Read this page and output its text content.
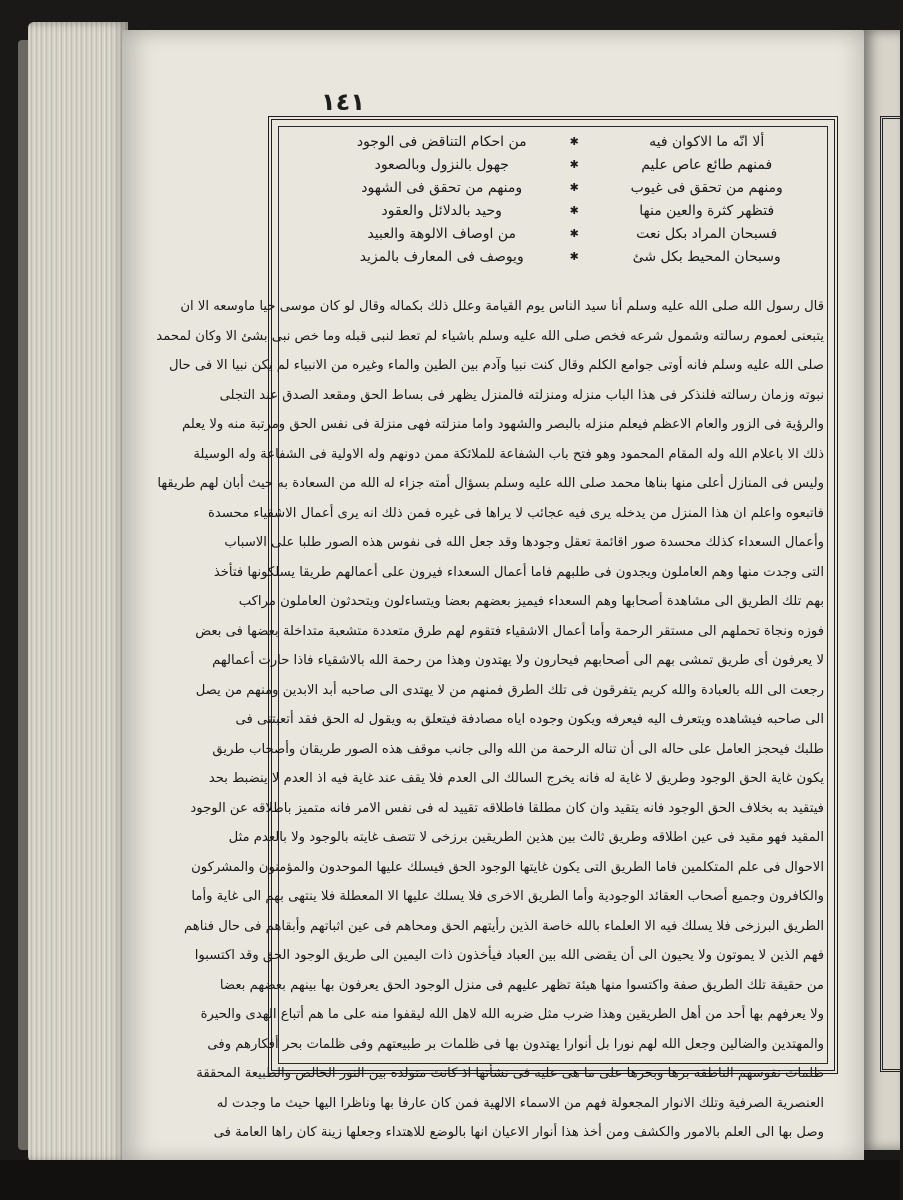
١٤١
ألا انّه ما الاكوان فيه
✱
من احكام التناقض فى الوجود
فمنهم طائع عاص عليم
✱
جهول بالنزول وبالصعود
ومنهم من تحقق فى غيوب
✱
ومنهم من تحقق فى الشهود
فتظهر كثرة والعين منها
✱
وحيد بالدلائل والعقود
فسبحان المراد بكل نعت
✱
من اوصاف الالوهة والعبيد
وسبحان المحيط بكل شئ
✱
ويوصف فى المعارف بالمزيد
قال رسول الله صلى الله عليه وسلم أنا سيد الناس يوم القيامة وعلل ذلك بكماله وقال لو كان موسى حيا ماوسعه الا ان
يتبعنى لعموم رسالته وشمول شرعه فخص صلى الله عليه وسلم باشياء لم تعط لنبى قبله وما خص نبى بشئ الا وكان لمحمد
صلى الله عليه وسلم فانه أوتى جوامع الكلم وقال كنت نبيا وآدم بين الطين والماء وغيره من الانبياء لم يكن نبيا الا فى حال
نبوته وزمان رسالته فلنذكر فى هذا الباب منزله ومنزلته فالمنزل يظهر فى بساط الحق ومقعد الصدق عند التجلى
والرؤية فى الزور والعام الاعظم فيعلم منزله بالبصر والشهود واما منزلته فهى منزلة فى نفس الحق ومرتبة منه ولا يعلم
ذلك الا باعلام الله وله المقام المحمود وهو فتح باب الشفاعة للملائكة ممن دونهم وله الاولية فى الشفاعة وله الوسيلة
وليس فى المنازل أعلى منها بناها محمد صلى الله عليه وسلم بسؤال أمته جزاء له الله من السعادة به حيث أبان لهم طريقها
فاتبعوه واعلم ان هذا المنزل من يدخله يرى فيه عجائب لا يراها فى غيره فمن ذلك انه يرى أعمال الاشقياء محسدة
وأعمال السعداء كذلك محسدة صور اقائمة تعقل وجودها وقد جعل الله فى نفوس هذه الصور طلبا على الاسباب
التى وجدت منها وهم العاملون ويجدون فى طلبهم فاما أعمال السعداء فيرون على أعمالهم طريقا يسلكونها فتأخذ
بهم تلك الطريق الى مشاهدة أصحابها وهم السعداء فيميز بعضهم بعضا ويتساءلون ويتحدثون العاملون مراكب
فوزه ونجاة تحملهم الى مستقر الرحمة وأما أعمال الاشقياء فتقوم لهم طرق متعددة متشعبة متداخلة بعضها فى بعض
لا يعرفون أى طريق تمشى بهم الى أصحابهم فيحارون ولا يهتدون وهذا من رحمة الله بالاشقياء فاذا حارت أعمالهم
رجعت الى الله بالعبادة والله كريم يتفرقون فى تلك الطرق فمنهم من لا يهتدى الى صاحبه أبد الابدين ومنهم من يصل
الى صاحبه فيشاهده ويتعرف اليه فيعرفه ويكون وجوده اياه مصادفة فيتعلق به ويقول له الحق فقد أتعبتنى فى
طلبك فيحجز العامل على حاله الى أن تناله الرحمة من الله والى جانب موقف هذه الصور طريقان وأصحاب طريق
يكون غاية الحق الوجود وطريق لا غاية له فانه يخرج السالك الى العدم فلا يقف عند غاية فيه اذ العدم لا ينضبط بحد
فيتقيد به بخلاف الحق الوجود فانه يتقيد وان كان مطلقا فاطلاقه تقييد له فى نفس الامر فانه متميز باطلاقه عن الوجود
المقيد فهو مقيد فى عين اطلاقه وطريق ثالث بين هذين الطريقين برزخى لا تتصف غايته بالوجود ولا بالعدم مثل
الاحوال فى علم المتكلمين فاما الطريق التى يكون غايتها الوجود الحق فيسلك عليها الموحدون والمؤمنون والمشركون
والكافرون وجميع أصحاب العقائد الوجودية وأما الطريق الاخرى فلا يسلك عليها الا المعطلة فلا ينتهى بهم الى غاية وأما
الطريق البرزخى فلا يسلك فيه الا العلماء بالله خاصة الذين رأيتهم الحق ومحاهم فى عين اثباتهم وأبقاهم فى حال فناهم
فهم الذين لا يموتون ولا يحيون الى أن يقضى الله بين العباد فيأخذون ذات اليمين الى طريق الوجود الحق وقد اكتسبوا
من حقيقة تلك الطريق صفة واكتسوا منها هيئة تظهر عليهم فى منزل الوجود الحق يعرفون بها بينهم بعضهم بعضا
ولا يعرفهم بها أحد من أهل الطريقين وهذا ضرب مثل ضربه الله لاهل الله ليقفوا منه على ما هم أتباع الهدى والحيرة
والمهتدين والضالين وجعل الله لهم نورا بل أنوارا يهتدون بها فى ظلمات بر طبيعتهم وفى ظلمات بحر أفكارهم وفى
ظلمات نفوسهم الناطقة برها وبحرها على ما هى عليه فى نشأتها اذ كانت متولدة بين النور الخالص والطبيعة المحققة
العنصرية الصرفية وتلك الانوار المجعولة فهم من الاسماء الالهية فمن كان عارفا بها وناظرا اليها حيث ما وجدت له
وصل بها الى العلم بالامور والكشف ومن أخذ هذا أنوار الاعيان انها بالوضع للاهتداء وجعلها زينة كان راها العامة فى
